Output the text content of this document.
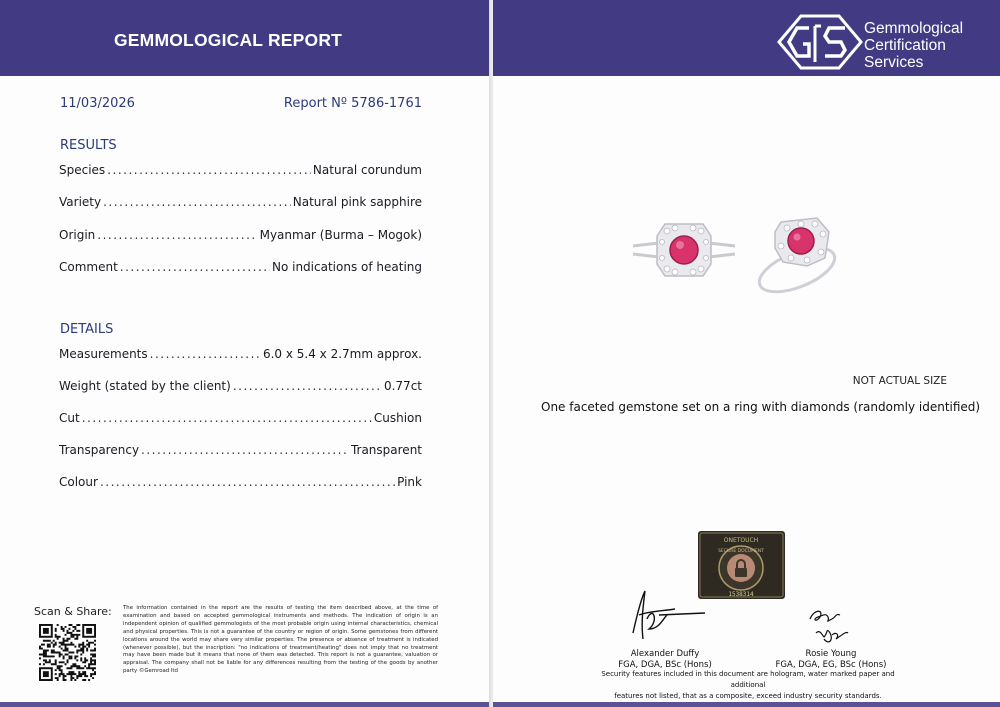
GEMMOLOGICAL REPORT
11/03/2026	Report Nº 5786-1761
RESULTS
Species .....	Natural corundum
Variety .....	Natural pink sapphire
Origin .....	Myanmar (Burma – Mogok)
Comment .....	No indications of heating
DETAILS
Measurements .....	6.0 x 5.4 x 2.7mm approx.
Weight (stated by the client) .....	0.77ct
Cut .....	Cushion
Transparency .....	Transparent
Colour .....	Pink
Scan & Share: The information contained in the report are the results of testing the item described above, at the time of examination and based on accepted gemmological instruments and methods. The indication of origin is an independent opinion of qualified gemmologists of the most probable origin using internal characteristics, chemical and physical properties. This is not a guarantee of the country or region of origin. Some gemstones from different locations around the world may share very similar properties. The presence or absence of treatment is indicated (whenever possible), but the inscription: "no indications of treatment/heating" does not imply that no treatment may have been made but it means that none of them was detected. This report is not a guarantee, valuation or appraisal. The company shall not be liable for any differences resulting from the testing of the goods by another party ©Gemroad ltd
Gemmological
Certification
Services
NOT ACTUAL SIZE
One faceted gemstone set on a ring with diamonds (randomly identified)
ONETOUCH
SECURE DOCUMENT
1538314
Alexander Duffy
FGA, DGA, BSc (Hons)
Rosie Young
FGA, DGA, EG, BSc (Hons)
Security features included in this document are hologram, water marked paper and additional
features not listed, that as a composite, exceed industry security standards.
